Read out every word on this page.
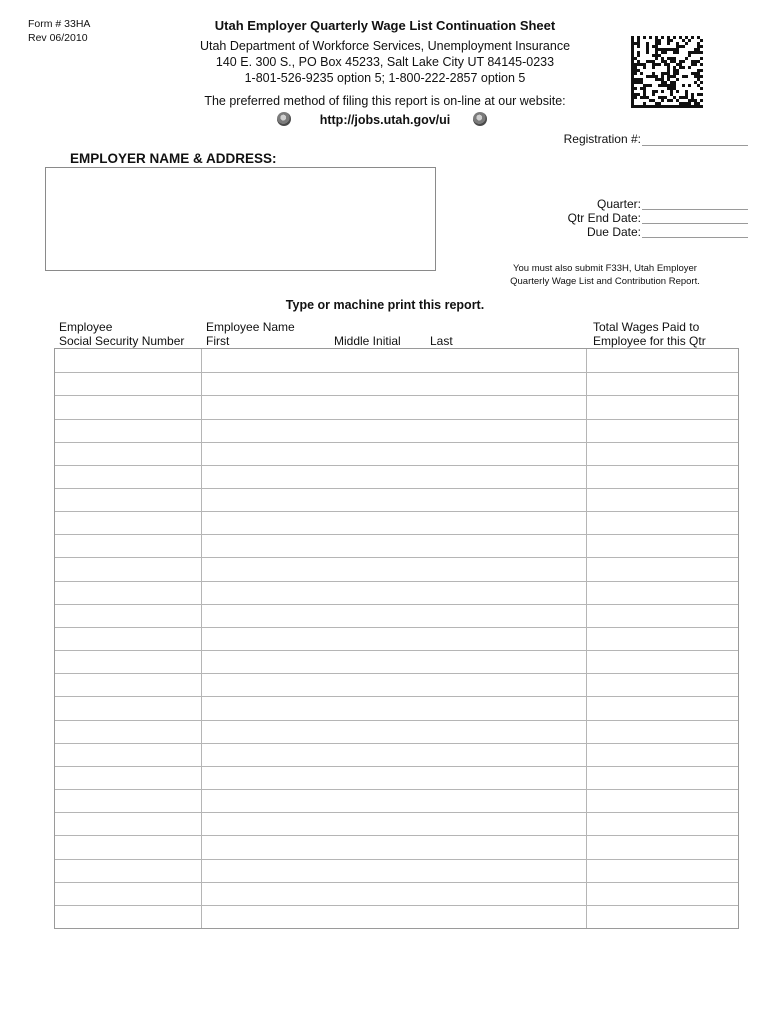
Form # 33HA
Rev 06/2010
Utah Employer Quarterly Wage List Continuation Sheet
Utah Department of Workforce Services, Unemployment Insurance
140 E. 300 S., PO Box 45233, Salt Lake City UT 84145-0233
1-801-526-9235 option 5; 1-800-222-2857 option 5
The preferred method of filing this report is on-line at our website:
http://jobs.utah.gov/ui
Registration #:
EMPLOYER NAME & ADDRESS:
Quarter:
Qtr End Date:
Due Date:
You must also submit F33H, Utah Employer
Quarterly Wage List and Contribution Report.
Type or machine print this report.
Employee
Social Security Number
Employee Name
First	Middle Initial Last
Total Wages Paid to
Employee for this Qtr
